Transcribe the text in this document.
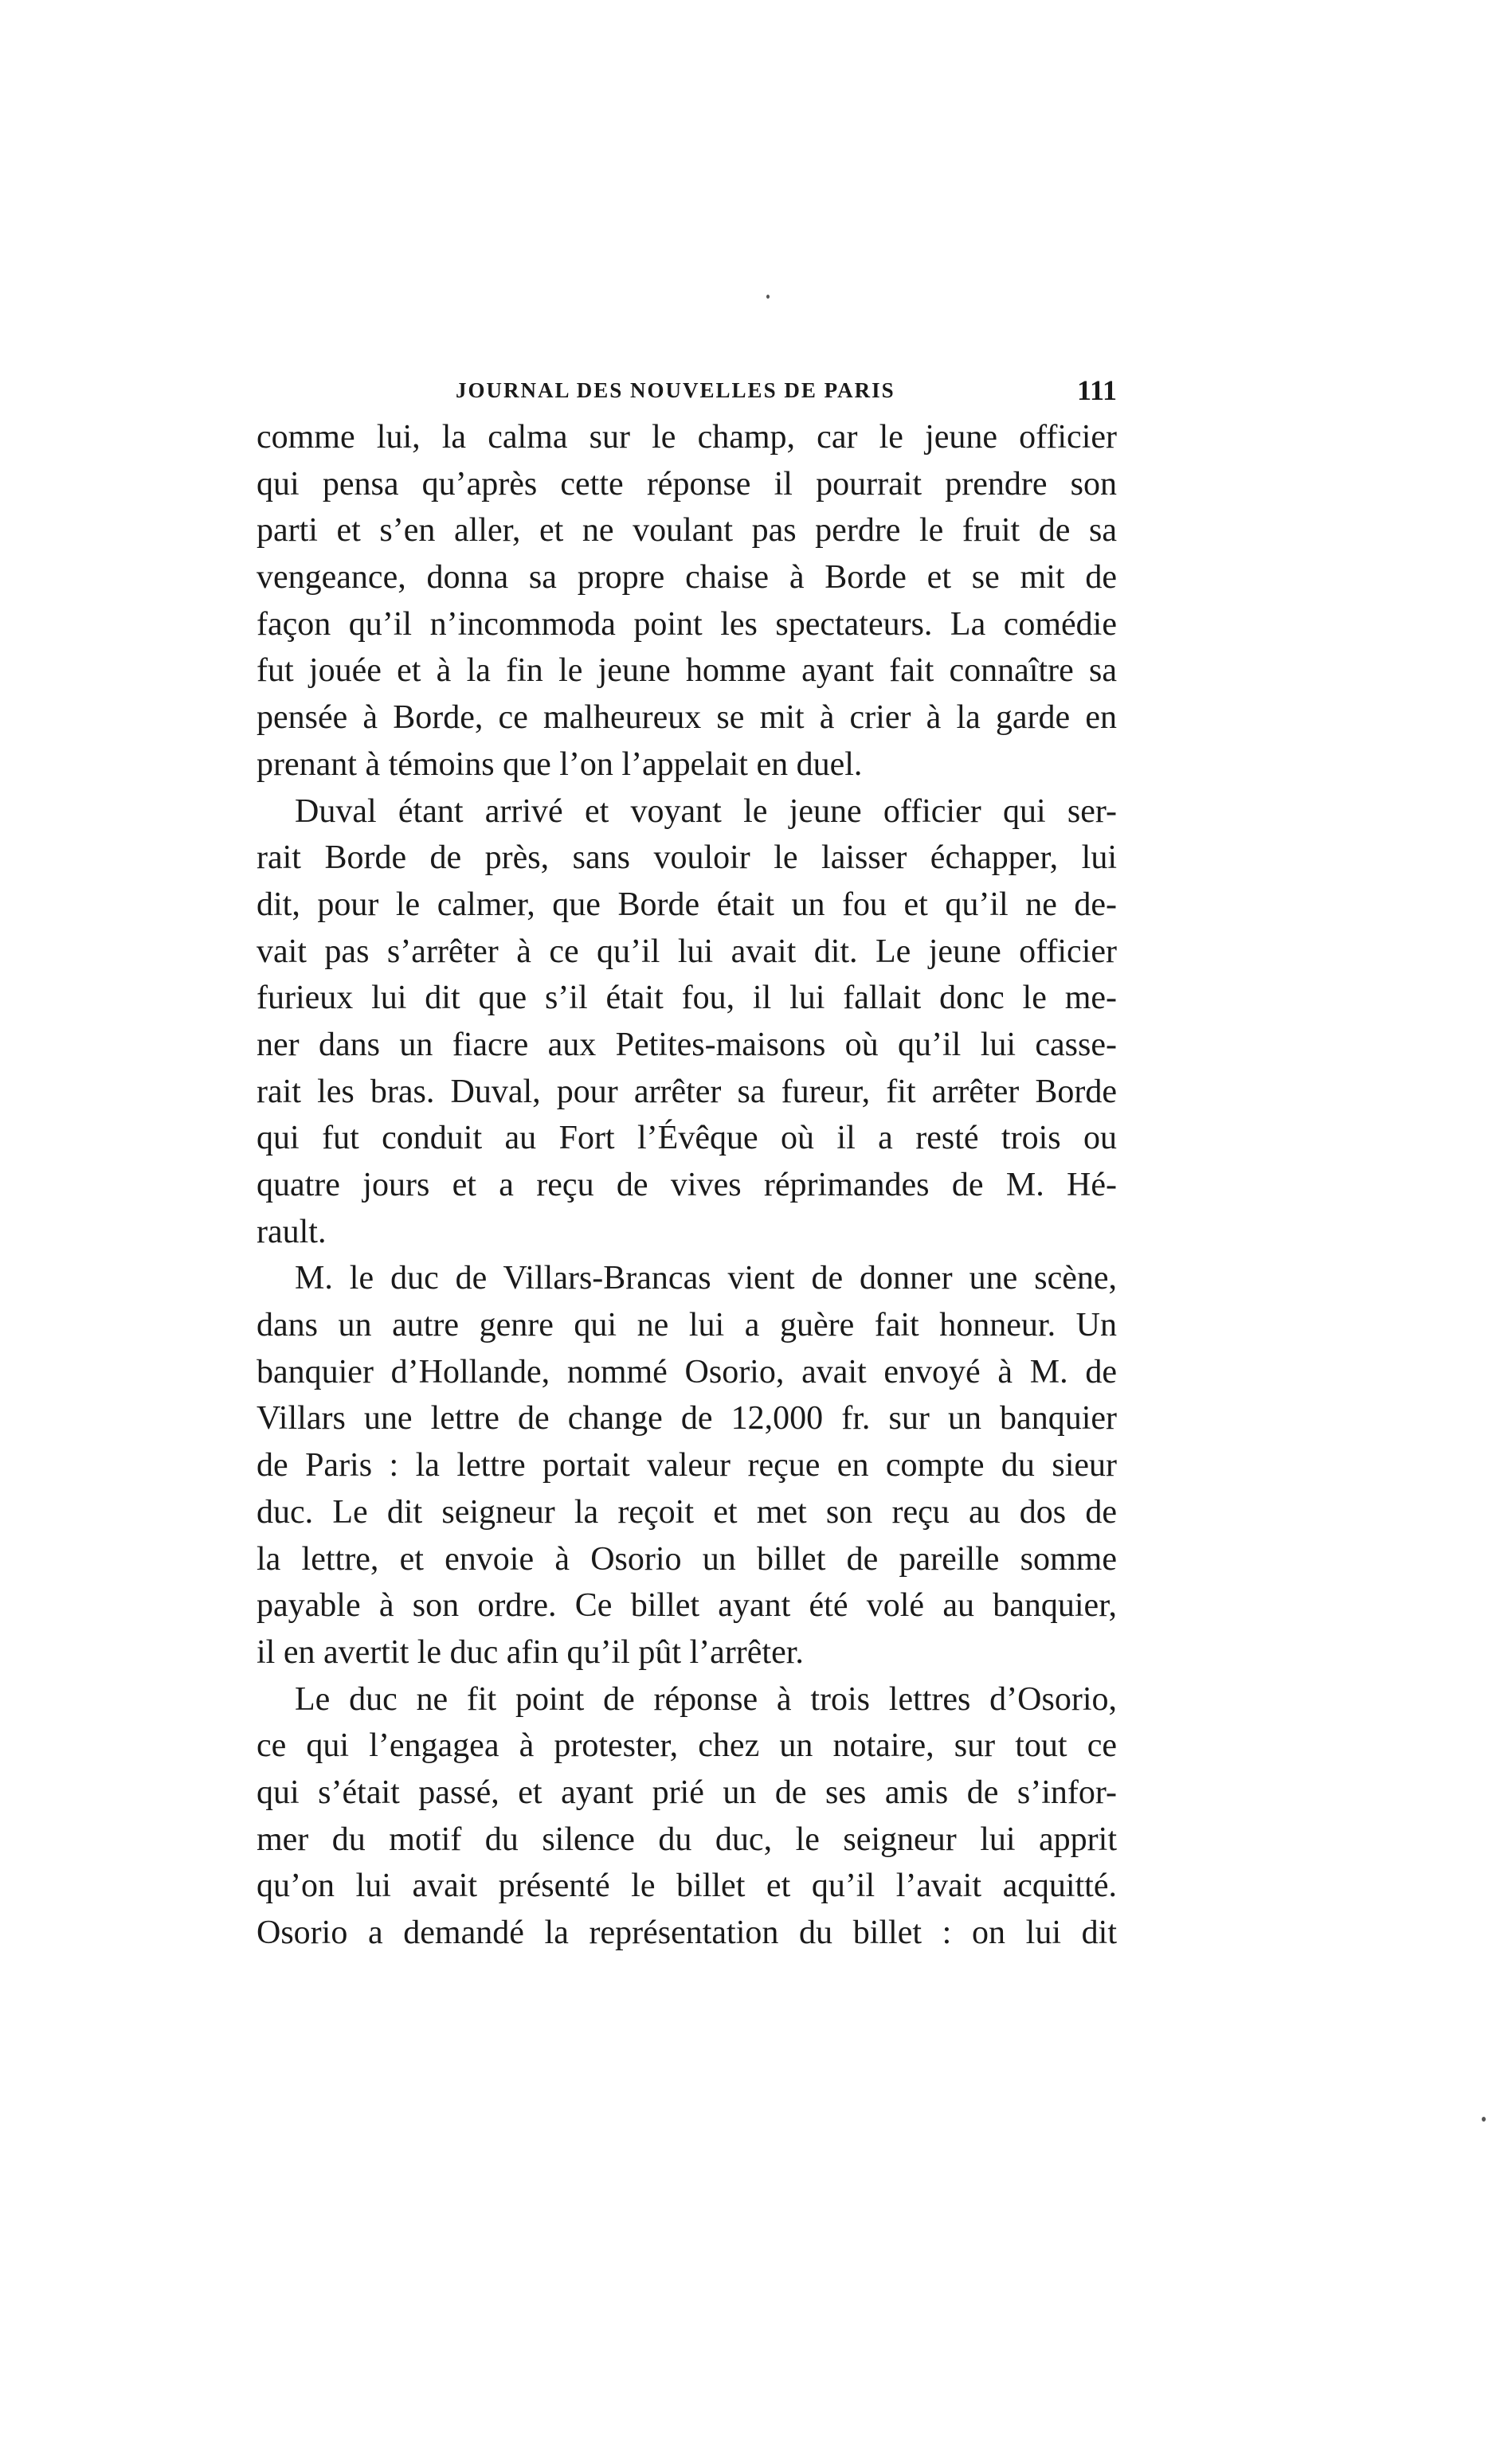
JOURNAL DES NOUVELLES DE PARIS	111
comme lui, la calma sur le champ, car le jeune officier
qui pensa qu’après cette réponse il pourrait prendre son
parti et s’en aller, et ne voulant pas perdre le fruit de sa
vengeance, donna sa propre chaise à Borde et se mit de
façon qu’il n’incommoda point les spectateurs. La comédie
fut jouée et à la fin le jeune homme ayant fait connaître sa
pensée à Borde, ce malheureux se mit à crier à la garde en
prenant à témoins que l’on l’appelait en duel.
Duval étant arrivé et voyant le jeune officier qui ser-
rait Borde de près, sans vouloir le laisser échapper, lui
dit, pour le calmer, que Borde était un fou et qu’il ne de-
vait pas s’arrêter à ce qu’il lui avait dit. Le jeune officier
furieux lui dit que s’il était fou, il lui fallait donc le me-
ner dans un fiacre aux Petites-maisons où qu’il lui casse-
rait les bras. Duval, pour arrêter sa fureur, fit arrêter Borde
qui fut conduit au Fort l’Évêque où il a resté trois ou
quatre jours et a reçu de vives réprimandes de M. Hé-
rault.
M. le duc de Villars-Brancas vient de donner une scène,
dans un autre genre qui ne lui a guère fait honneur. Un
banquier d’Hollande, nommé Osorio, avait envoyé à M. de
Villars une lettre de change de 12,000 fr. sur un banquier
de Paris : la lettre portait valeur reçue en compte du sieur
duc. Le dit seigneur la reçoit et met son reçu au dos de
la lettre, et envoie à Osorio un billet de pareille somme
payable à son ordre. Ce billet ayant été volé au banquier,
il en avertit le duc afin qu’il pût l’arrêter.
Le duc ne fit point de réponse à trois lettres d’Osorio,
ce qui l’engagea à protester, chez un notaire, sur tout ce
qui s’était passé, et ayant prié un de ses amis de s’infor-
mer du motif du silence du duc, le seigneur lui apprit
qu’on lui avait présenté le billet et qu’il l’avait acquitté.
Osorio a demandé la représentation du billet : on lui dit
